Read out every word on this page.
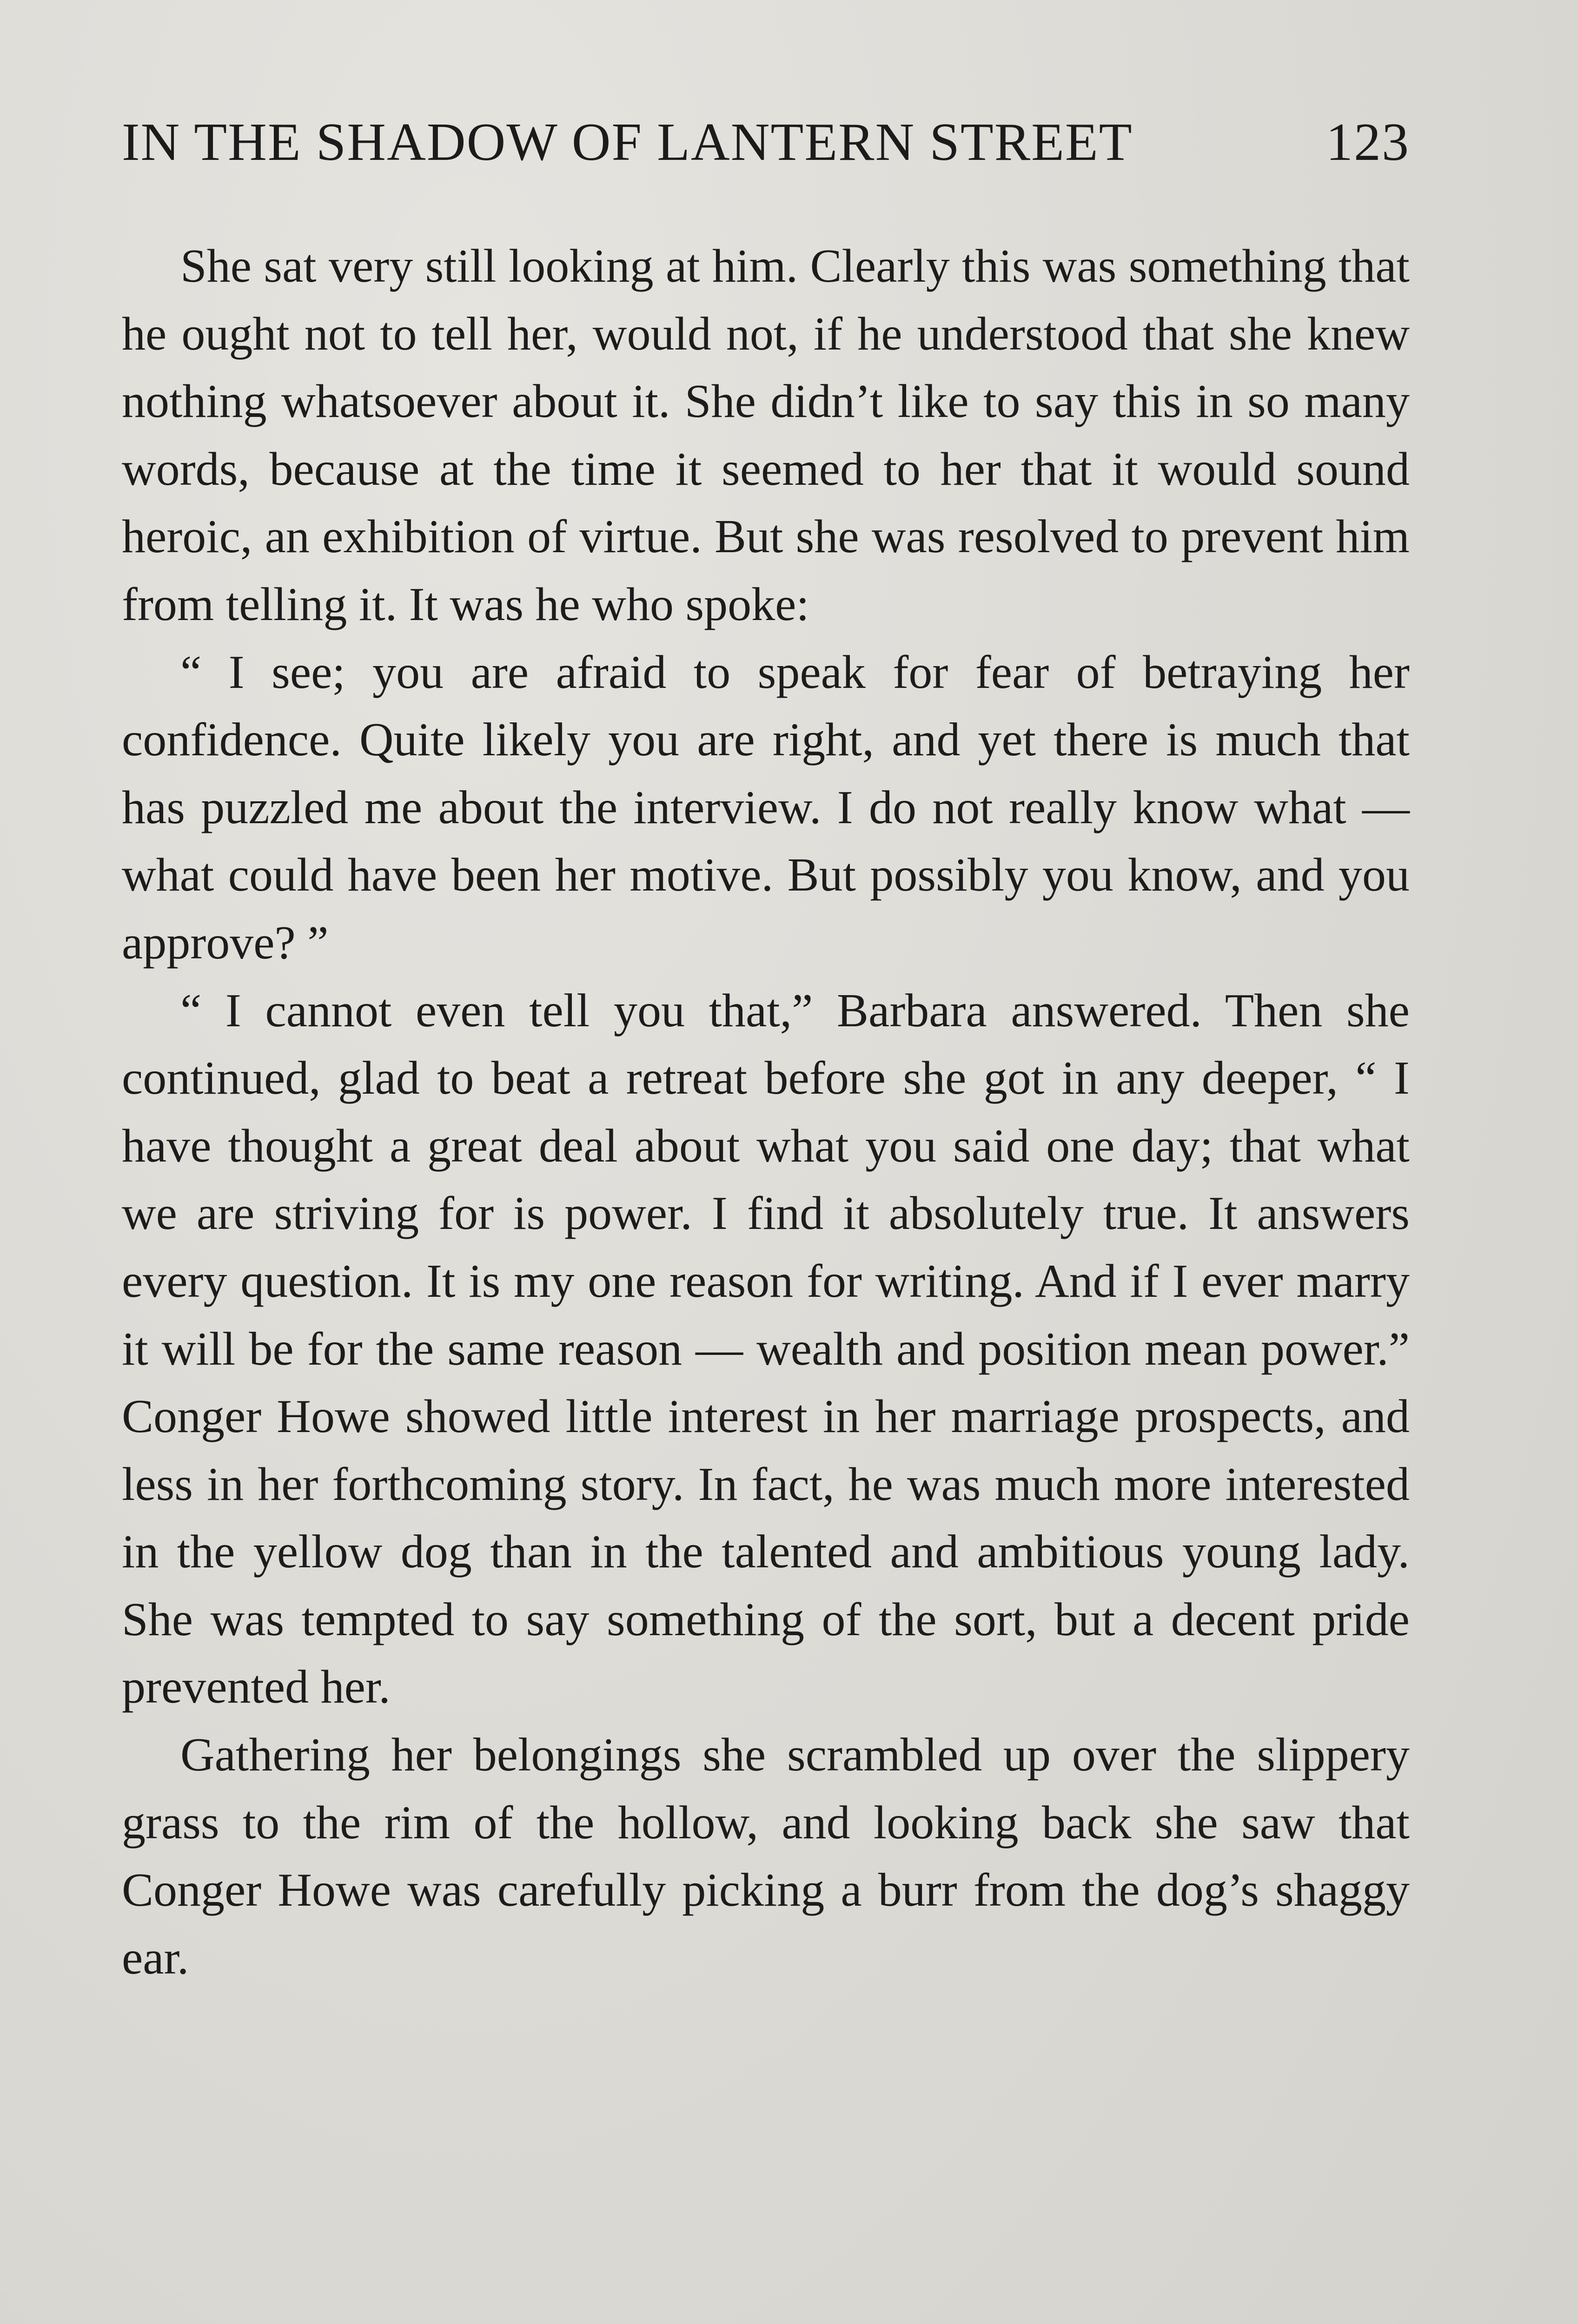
IN THE SHADOW OF LANTERN STREET	123

She sat very still looking at him. Clearly this was something that he ought not to tell her, would not, if he understood that she knew nothing whatsoever about it. She didn’t like to say this in so many words, because at the time it seemed to her that it would sound heroic, an exhibition of virtue. But she was resolved to prevent him from telling it. It was he who spoke:

“ I see; you are afraid to speak for fear of betraying her confidence. Quite likely you are right, and yet there is much that has puzzled me about the interview. I do not really know what — what could have been her motive. But possibly you know, and you approve? ”

“ I cannot even tell you that,” Barbara answered. Then she continued, glad to beat a retreat before she got in any deeper, “ I have thought a great deal about what you said one day; that what we are striving for is power. I find it absolutely true. It answers every question. It is my one reason for writing. And if I ever marry it will be for the same reason — wealth and position mean power.” Conger Howe showed little interest in her marriage prospects, and less in her forthcoming story. In fact, he was much more interested in the yellow dog than in the talented and ambitious young lady. She was tempted to say something of the sort, but a decent pride prevented her.

Gathering her belongings she scrambled up over the slippery grass to the rim of the hollow, and looking back she saw that Conger Howe was carefully picking a burr from the dog’s shaggy ear.
